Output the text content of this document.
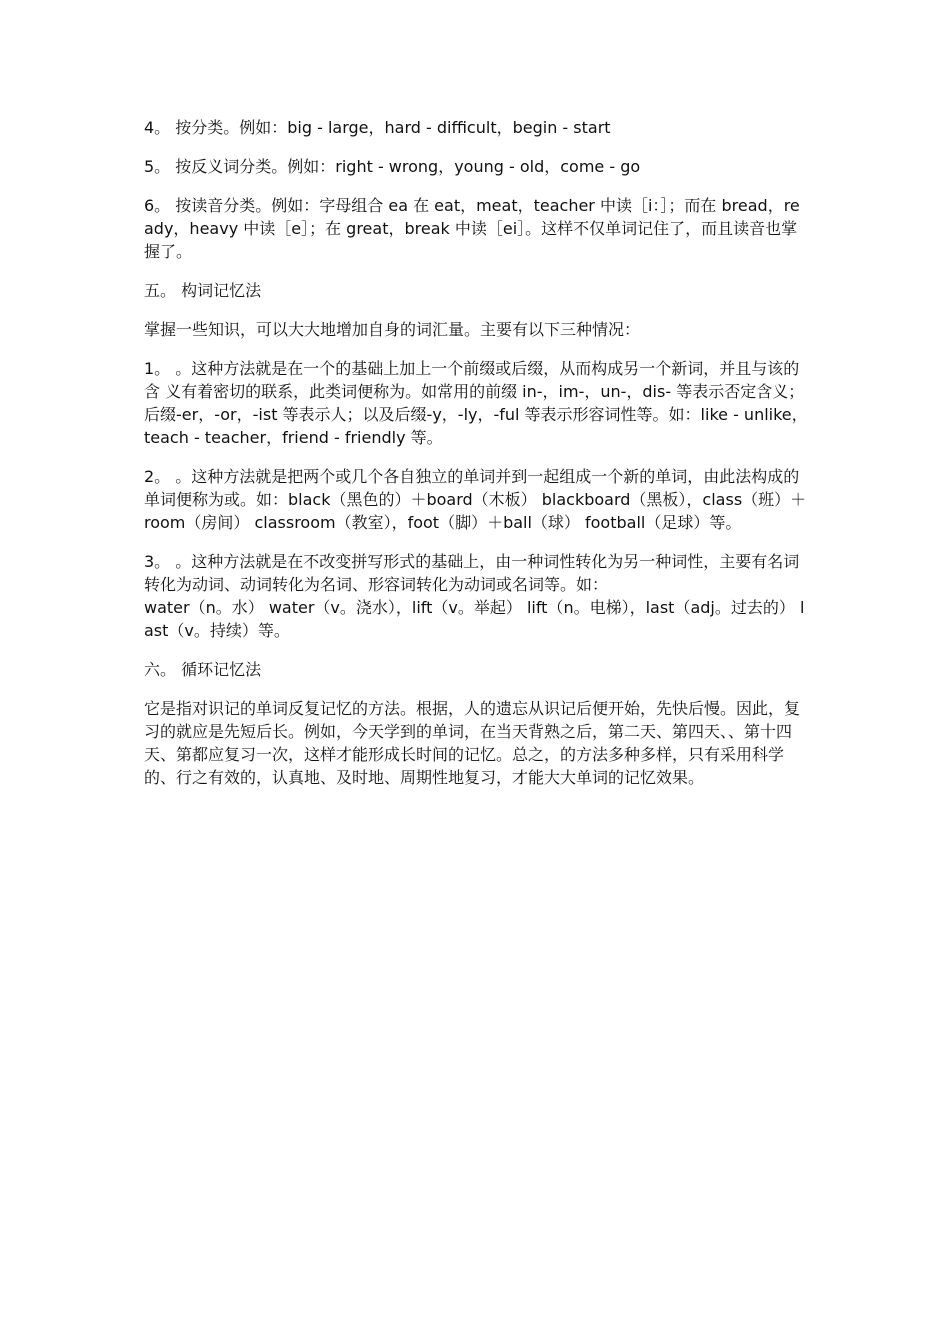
4。 按分类。例如：big - large，hard - difficult，begin - start

5。 按反义词分类。例如：right - wrong，young - old，come - go

6。 按读音分类。例如：字母组合 ea 在 eat，meat，teacher 中读［i：］；而在 bread，ready，heavy 中读［e］；在 great，break 中读［ei］。这样不仅单词记住了，而且读音也掌握了。

五。 构词记忆法

掌握一些知识，可以大大地增加自身的词汇量。主要有以下三种情况：

1。 。这种方法就是在一个的基础上加上一个前缀或后缀，从而构成另一个新词，并且与该的含 义有着密切的联系，此类词便称为。如常用的前缀 in-，im-，un-，dis- 等表示否定含义；后缀-er，-or，-ist 等表示人；以及后缀-y，-ly，-ful 等表示形容词性等。如：like - unlike，teach - teacher，friend - friendly 等。

2。 。这种方法就是把两个或几个各自独立的单词并到一起组成一个新的单词，由此法构成的单词便称为或。如：black（黑色的）＋board（木板） blackboard（黑板），class（班）＋room（房间） classroom（教室），foot（脚）＋ball（球） football（足球）等。

3。 。这种方法就是在不改变拼写形式的基础上，由一种词性转化为另一种词性，主要有名词转化为动词、动词转化为名词、形容词转化为动词或名词等。如：
water（n。水） water（v。浇水），lift（v。举起） lift（n。电梯），last（adj。过去的） last（v。持续）等。

六。 循环记忆法

它是指对识记的单词反复记忆的方法。根据，人的遗忘从识记后便开始，先快后慢。因此，复习的就应是先短后长。例如，今天学到的单词，在当天背熟之后，第二天、第四天、、第十四天、第都应复习一次，这样才能形成长时间的记忆。总之，的方法多种多样，只有采用科学的、行之有效的，认真地、及时地、周期性地复习，才能大大单词的记忆效果。
